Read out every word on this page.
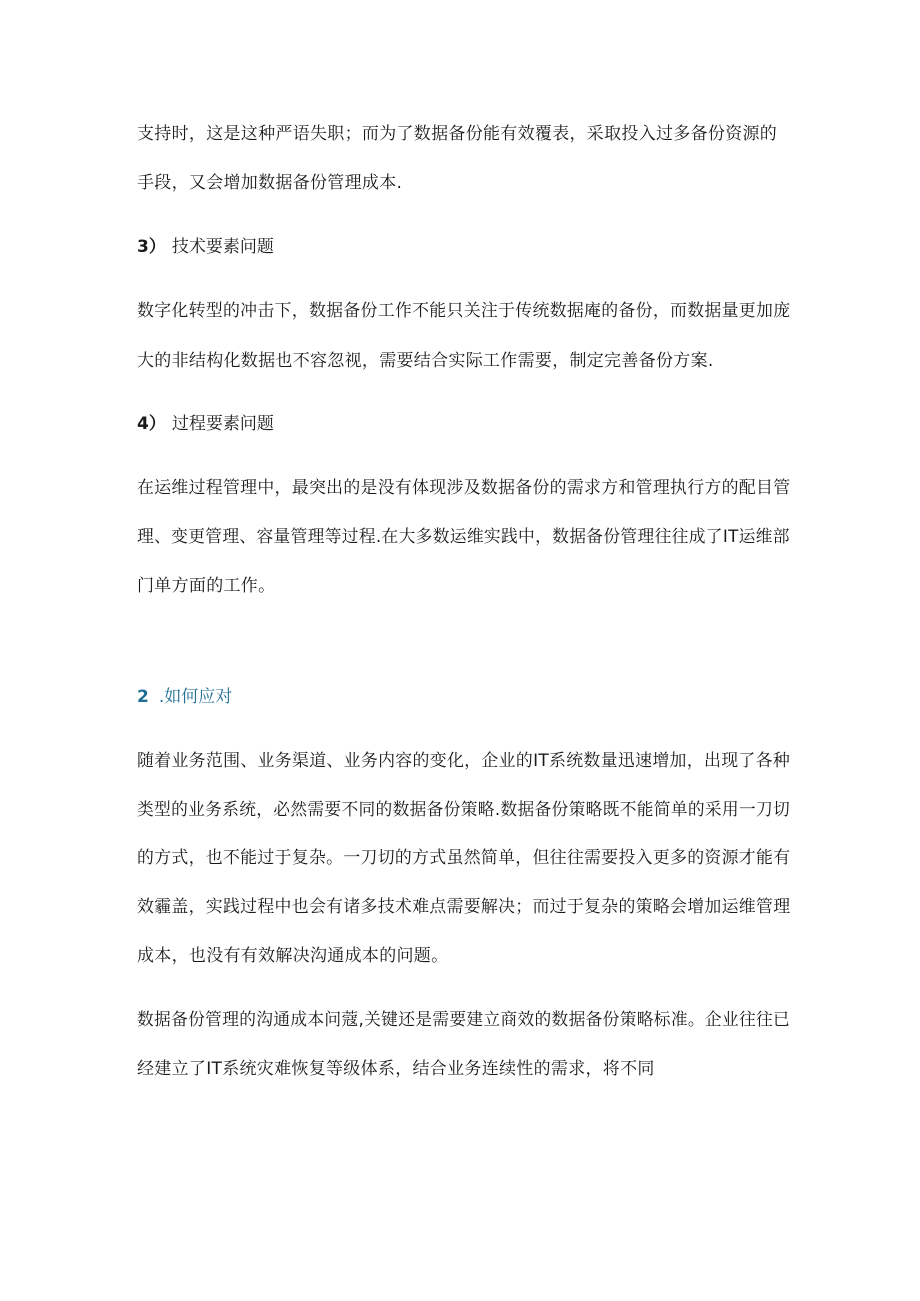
支持时，这是这种严语失职；而为了数据备份能有效覆表，采取投入过多备份资源的
手段，又会增加数据备份管理成本.
3） 技术要素问题
数字化转型的冲击下，数据备份工作不能只关注于传统数据庵的备份，而数据量更加庞
大的非结构化数据也不容忽视，需要结合实际工作需要，制定完善备份方案.
4） 过程要素问题
在运维过程管理中，最突出的是没有体现涉及数据备份的需求方和管理执行方的配目管
理、变更管理、容量管理等过程.在大多数运维实践中，数据备份管理往往成了IT运维部
门单方面的工作。
2 .如何应对
随着业务范围、业务渠道、业务内容的变化，企业的IT系统数量迅速增加，出现了各种
类型的业务系统，必然需要不同的数据备份策略.数据备份策略既不能简单的采用一刀切
的方式，也不能过于复杂。一刀切的方式虽然简单，但往往需要投入更多的资源才能有
效霾盖，实践过程中也会有诸多技术难点需要解决；而过于复杂的策略会增加运维管理
成本，也没有有效解决沟通成本的问题。
数据备份管理的沟通成本问蔻,关键还是需要建立商效的数据备份策略标准。企业往往已
经建立了IT系统灾难恢复等级体系，结合业务连续性的需求，将不同
